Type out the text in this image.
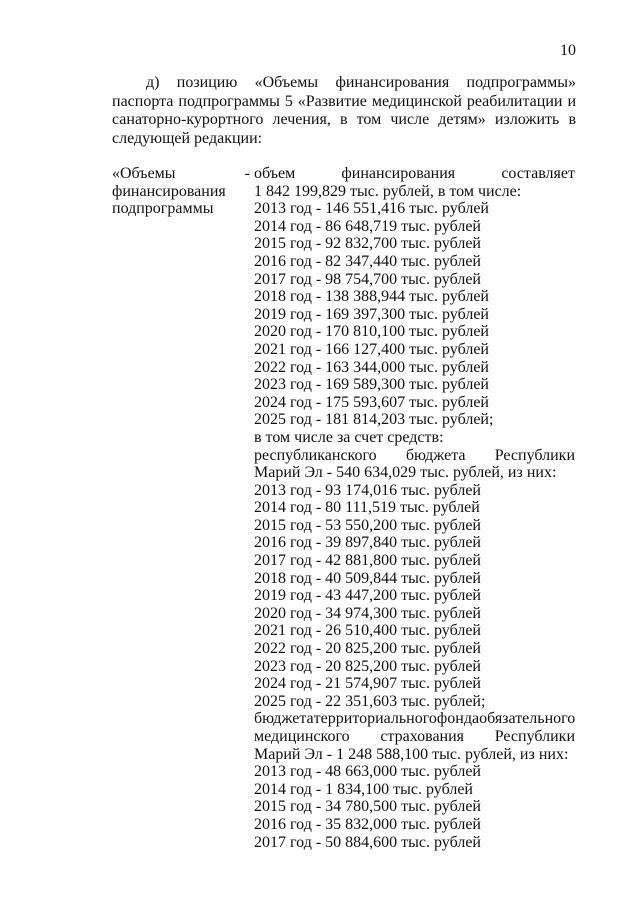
10
д) позицию «Объемы финансирования подпрограммы» паспорта подпрограммы 5 «Развитие медицинской реабилитации и санаторно-курортного лечения, в том числе детям» изложить в следующей редакции:
«Объемы	-
финансирования
подпрограммы
объем	финансирования	составляет
1 842 199,829 тыс. рублей, в том числе:
2013 год - 146 551,416 тыс. рублей
2014 год - 86 648,719 тыс. рублей
2015 год - 92 832,700 тыс. рублей
2016 год - 82 347,440 тыс. рублей
2017 год - 98 754,700 тыс. рублей
2018 год - 138 388,944 тыс. рублей
2019 год - 169 397,300 тыс. рублей
2020 год - 170 810,100 тыс. рублей
2021 год - 166 127,400 тыс. рублей
2022 год - 163 344,000 тыс. рублей
2023 год - 169 589,300 тыс. рублей
2024 год - 175 593,607 тыс. рублей
2025 год - 181 814,203 тыс. рублей;
в том числе за счет средств:
республиканского бюджета Республики
Марий Эл - 540 634,029 тыс. рублей, из них:
2013 год - 93 174,016 тыс. рублей
2014 год - 80 111,519 тыс. рублей
2015 год - 53 550,200 тыс. рублей
2016 год - 39 897,840 тыс. рублей
2017 год - 42 881,800 тыс. рублей
2018 год - 40 509,844 тыс. рублей
2019 год - 43 447,200 тыс. рублей
2020 год - 34 974,300 тыс. рублей
2021 год - 26 510,400 тыс. рублей
2022 год - 20 825,200 тыс. рублей
2023 год - 20 825,200 тыс. рублей
2024 год - 21 574,907 тыс. рублей
2025 год - 22 351,603 тыс. рублей;
бюджета территориального фонда обязательного
медицинского страхования Республики
Марий Эл - 1 248 588,100 тыс. рублей, из них:
2013 год - 48 663,000 тыс. рублей
2014 год - 1 834,100 тыс. рублей
2015 год - 34 780,500 тыс. рублей
2016 год - 35 832,000 тыс. рублей
2017 год - 50 884,600 тыс. рублей
